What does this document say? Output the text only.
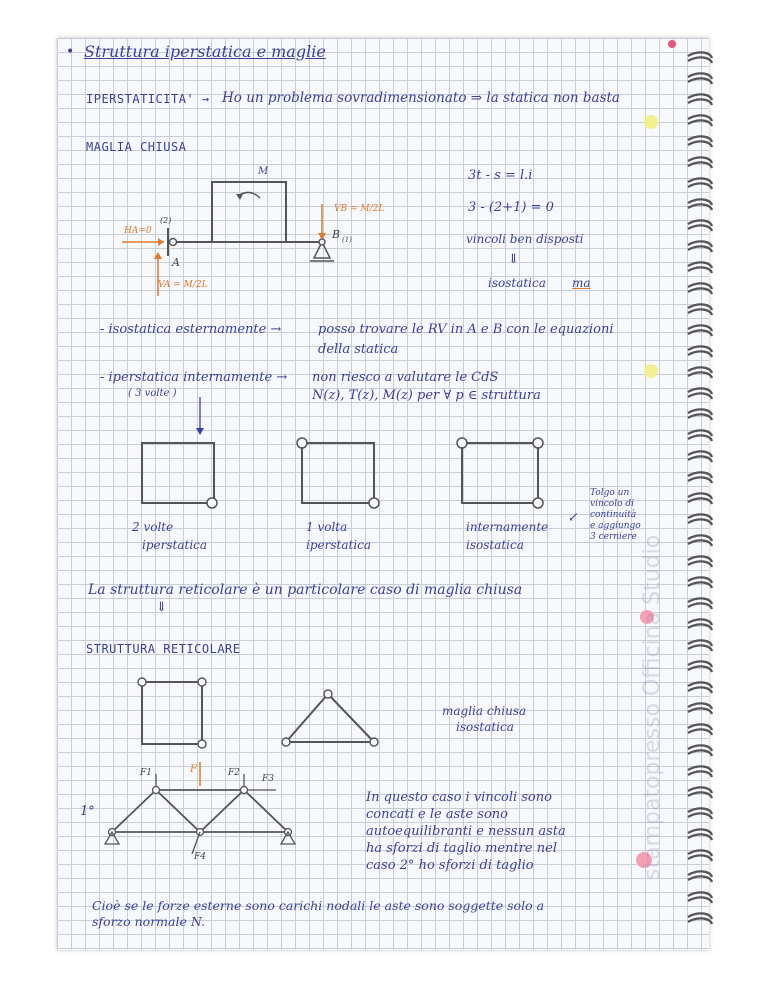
stampatopresso Officina Studio
• Struttura iperstatica e maglie
IPERSTATICITA' → Ho un problema sovradimensionato ⇒ la statica non basta
MAGLIA CHIUSA
M
HA=0
(2)
A
VA = M/2L
B (1)
VB = M/2L
3t - s = l.i
3 - (2+1) = 0
vincoli ben disposti
⇓
isostatica ma
- isostatica esternamente →	posso trovare le RV in A e B con le equazioni
della statica
- iperstatica internamente →
( 3 volte )
non riesco a valutare le CdS
N(z), T(z), M(z) per ∀ p ∈ struttura
2 volte
iperstatica
1 volta
iperstatica
internamente
isostatica
↙
Tolgo un
vincolo di
continuità
e aggiungo
3 cerniere
La struttura reticolare è un particolare caso di maglia chiusa
⇓
STRUTTURA RETICOLARE
maglia chiusa
isostatica
1°
F1	F	F2
F3
F4
In questo caso i vincoli sono
concati e le aste sono
autoequilibranti e nessun asta
ha sforzi di taglio mentre nel
caso 2° ho sforzi di taglio
Cioè se le forze esterne sono carichi nodali le aste sono soggette solo a
sforzo normale N.
